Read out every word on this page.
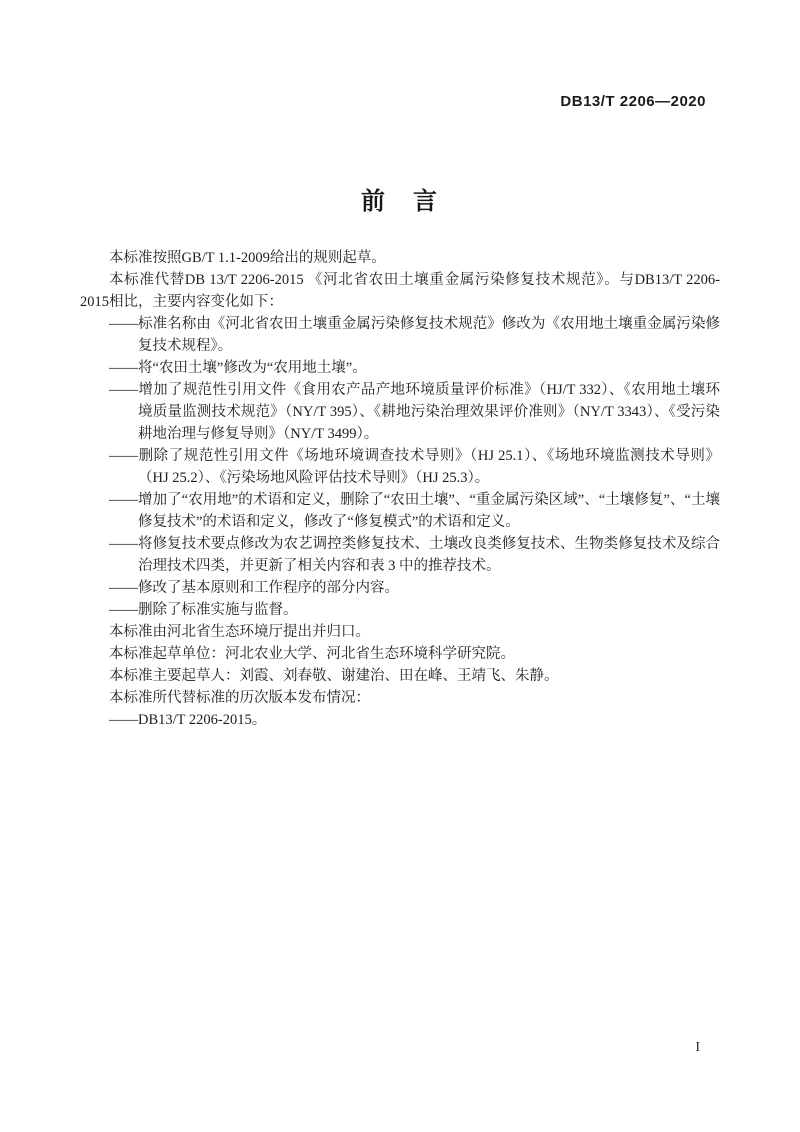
DB13/T 2206—2020
前　言

本标准按照GB/T 1.1-2009给出的规则起草。

本标准代替DB 13/T 2206-2015 《河北省农田土壤重金属污染修复技术规范》。与DB13/T 2206-2015相比，主要内容变化如下：

——标准名称由《河北省农田土壤重金属污染修复技术规范》修改为《农用地土壤重金属污染修复技术规程》。

——将“农田土壤”修改为“农用地土壤”。

——增加了规范性引用文件《食用农产品产地环境质量评价标准》（HJ/T 332）、《农用地土壤环境质量监测技术规范》（NY/T 395）、《耕地污染治理效果评价准则》（NY/T 3343）、《受污染耕地治理与修复导则》（NY/T 3499）。

——删除了规范性引用文件《场地环境调查技术导则》（HJ 25.1）、《场地环境监测技术导则》（HJ 25.2）、《污染场地风险评估技术导则》（HJ 25.3）。

——增加了“农用地”的术语和定义，删除了“农田土壤”、“重金属污染区域”、“土壤修复”、“土壤修复技术”的术语和定义，修改了“修复模式”的术语和定义。

——将修复技术要点修改为农艺调控类修复技术、土壤改良类修复技术、生物类修复技术及综合治理技术四类，并更新了相关内容和表 3 中的推荐技术。

——修改了基本原则和工作程序的部分内容。

——删除了标准实施与监督。

本标准由河北省生态环境厅提出并归口。

本标准起草单位：河北农业大学、河北省生态环境科学研究院。

本标准主要起草人：刘霞、刘春敬、谢建治、田在峰、王靖飞、朱静。

本标准所代替标准的历次版本发布情况：

——DB13/T 2206-2015。

I
